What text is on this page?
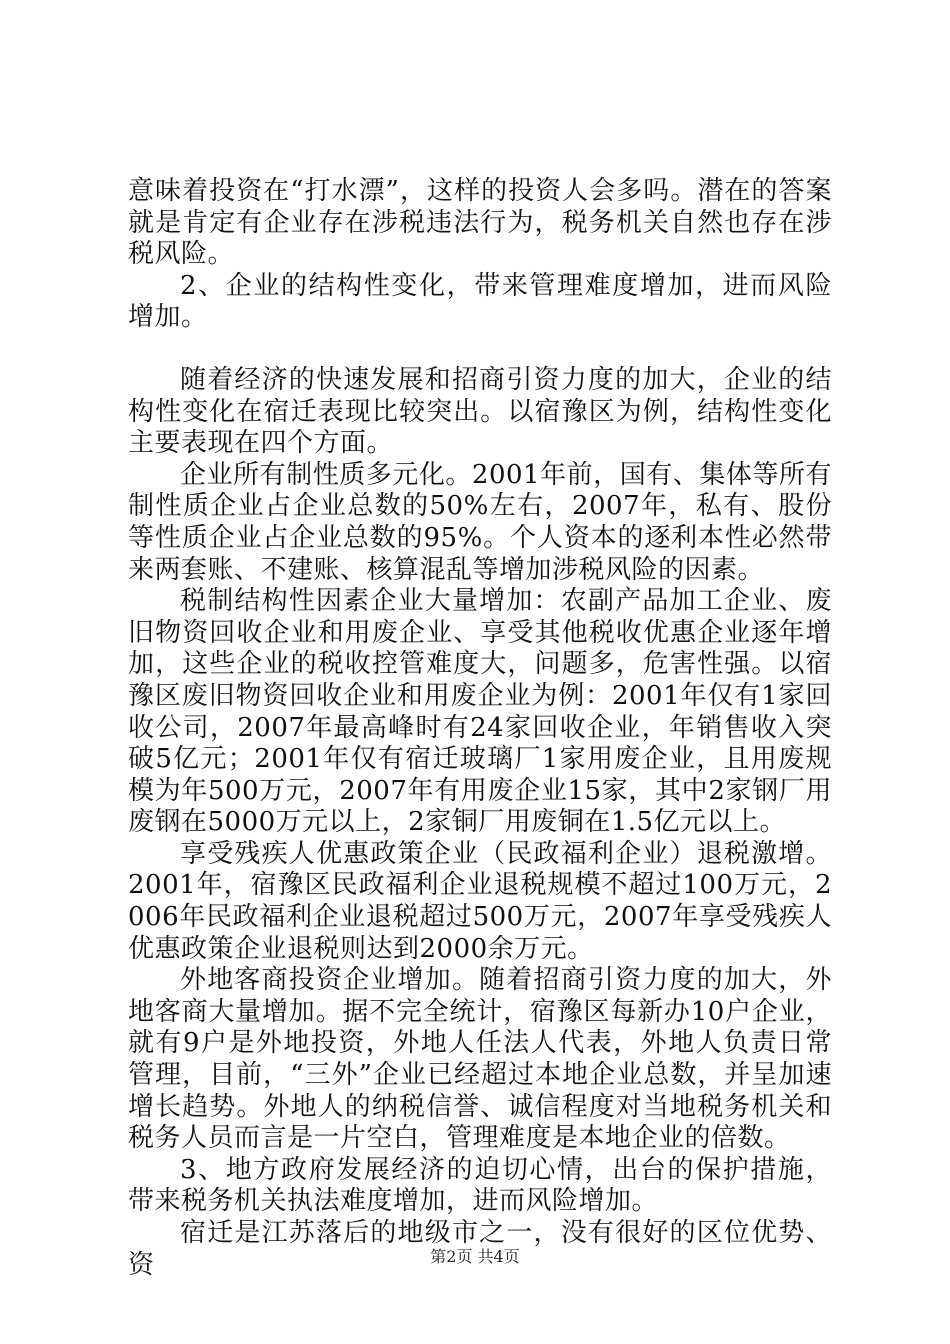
意味着投资在“打水漂”，这样的投资人会多吗。潜在的答案就是肯定有企业存在涉税违法行为，税务机关自然也存在涉税风险。

2、企业的结构性变化，带来管理难度增加，进而风险增加。

随着经济的快速发展和招商引资力度的加大，企业的结构性变化在宿迁表现比较突出。以宿豫区为例，结构性变化主要表现在四个方面。

企业所有制性质多元化。2001年前，国有、集体等所有制性质企业占企业总数的50%左右，2007年，私有、股份等性质企业占企业总数的95%。个人资本的逐利本性必然带来两套账、不建账、核算混乱等增加涉税风险的因素。

税制结构性因素企业大量增加：农副产品加工企业、废旧物资回收企业和用废企业、享受其他税收优惠企业逐年增加，这些企业的税收控管难度大，问题多，危害性强。以宿豫区废旧物资回收企业和用废企业为例：2001年仅有1家回收公司，2007年最高峰时有24家回收企业，年销售收入突破5亿元；2001年仅有宿迁玻璃厂1家用废企业，且用废规模为年500万元，2007年有用废企业15家，其中2家钢厂用废钢在5000万元以上，2家铜厂用废铜在1.5亿元以上。

享受残疾人优惠政策企业（民政福利企业）退税激增。2001年，宿豫区民政福利企业退税规模不超过100万元，2006年民政福利企业退税超过500万元，2007年享受残疾人优惠政策企业退税则达到2000余万元。

外地客商投资企业增加。随着招商引资力度的加大，外地客商大量增加。据不完全统计，宿豫区每新办10户企业，就有9户是外地投资，外地人任法人代表，外地人负责日常管理，目前，“三外”企业已经超过本地企业总数，并呈加速增长趋势。外地人的纳税信誉、诚信程度对当地税务机关和税务人员而言是一片空白，管理难度是本地企业的倍数。

3、地方政府发展经济的迫切心情，出台的保护措施，带来税务机关执法难度增加，进而风险增加。

宿迁是江苏落后的地级市之一，没有很好的区位优势、资	第2页 共4页
